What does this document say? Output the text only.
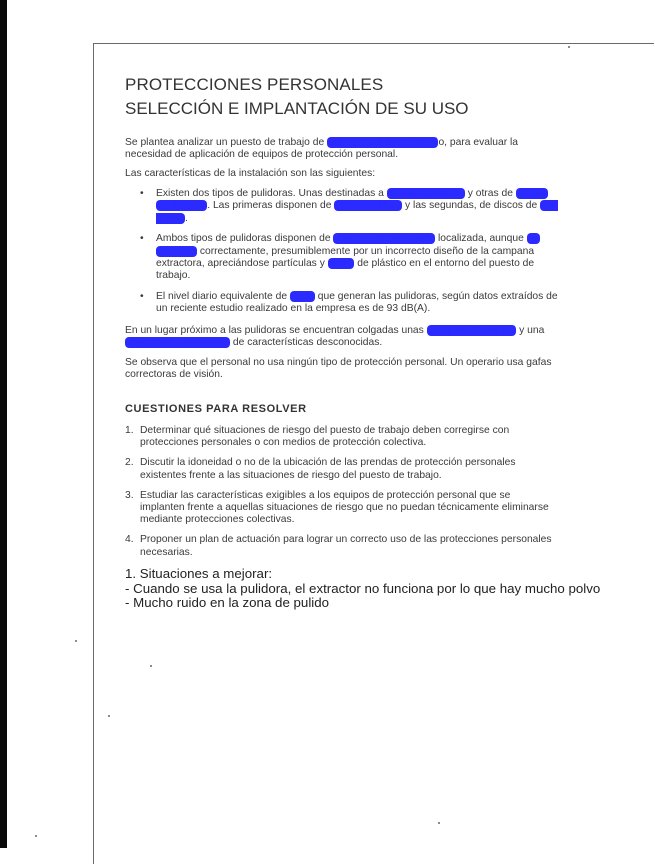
PROTECCIONES PERSONALES
SELECCIÓN E IMPLANTACIÓN DE SU USO
Se plantea analizar un puesto de trabajo de taller de pulido de metalo, para evaluar la necesidad de aplicación de equipos de protección personal.
Las características de la instalación son las siguientes:
• Existen dos tipos de pulidoras. Unas destinadas a piezas metálicas y otras de piezas de plástico. Las primeras disponen de disco abrasivo y las segundas, de discos de tela o lana.
• Ambos tipos de pulidoras disponen de sistema de extracción localizada, aunque no funciona correctamente, presumiblemente por un incorrecto diseño de la campana extractora, apreciándose partículas y polvo de plástico en el entorno del puesto de trabajo.
• El nivel diario equivalente de ruido que generan las pulidoras, según datos extraídos de un reciente estudio realizado en la empresa es de 93 dB(A).
En un lugar próximo a las pulidoras se encuentran colgadas unas gafas de seguridad y una mascarilla autofiltrante de características desconocidas.
Se observa que el personal no usa ningún tipo de protección personal. Un operario usa gafas correctoras de visión.
CUESTIONES PARA RESOLVER
1. Determinar qué situaciones de riesgo del puesto de trabajo deben corregirse con protecciones personales o con medios de protección colectiva.
2. Discutir la idoneidad o no de la ubicación de las prendas de protección personales existentes frente a las situaciones de riesgo del puesto de trabajo.
3. Estudiar las características exigibles a los equipos de protección personal que se implanten frente a aquellas situaciones de riesgo que no puedan técnicamente eliminarse mediante protecciones colectivas.
4. Proponer un plan de actuación para lograr un correcto uso de las protecciones personales necesarias.
1. Situaciones a mejorar:
- Cuando se usa la pulidora, el extractor no funciona por lo que hay mucho polvo
- Mucho ruido en la zona de pulido
